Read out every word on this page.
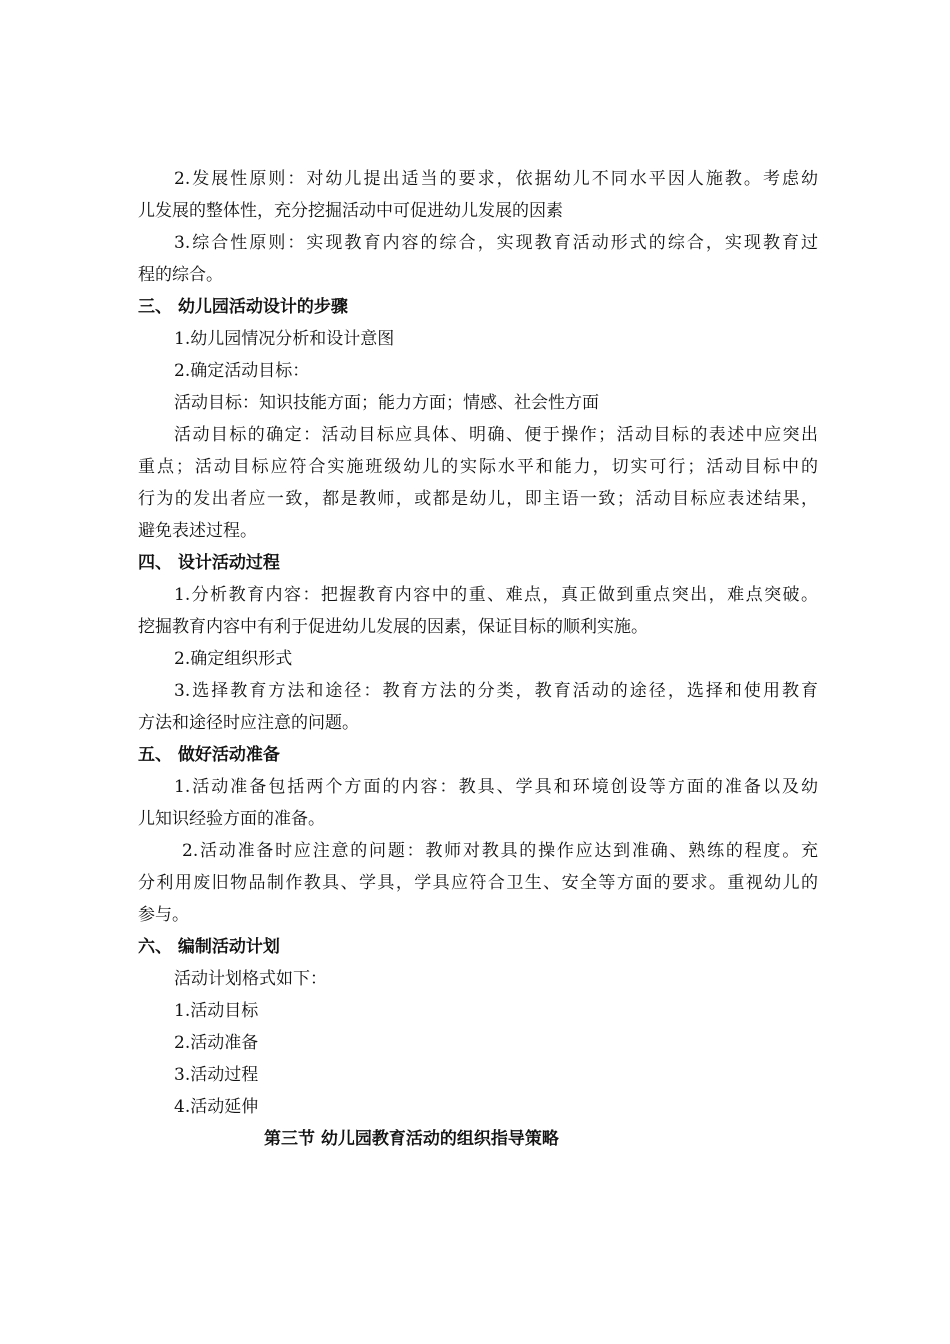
2.发展性原则：对幼儿提出适当的要求，依据幼儿不同水平因人施教。考虑幼
儿发展的整体性，充分挖掘活动中可促进幼儿发展的因素
3.综合性原则：实现教育内容的综合，实现教育活动形式的综合，实现教育过
程的综合。
三、 幼儿园活动设计的步骤
1.幼儿园情况分析和设计意图
2.确定活动目标：
活动目标：知识技能方面；能力方面；情感、社会性方面
活动目标的确定：活动目标应具体、明确、便于操作；活动目标的表述中应突出
重点；活动目标应符合实施班级幼儿的实际水平和能力，切实可行；活动目标中的
行为的发出者应一致，都是教师，或都是幼儿，即主语一致；活动目标应表述结果，
避免表述过程。
四、 设计活动过程
1.分析教育内容：把握教育内容中的重、难点，真正做到重点突出，难点突破。
挖掘教育内容中有利于促进幼儿发展的因素，保证目标的顺利实施。
2.确定组织形式
3.选择教育方法和途径：教育方法的分类，教育活动的途径，选择和使用教育
方法和途径时应注意的问题。
五、 做好活动准备
1.活动准备包括两个方面的内容：教具、学具和环境创设等方面的准备以及幼
儿知识经验方面的准备。
2.活动准备时应注意的问题：教师对教具的操作应达到准确、熟练的程度。充
分利用废旧物品制作教具、学具，学具应符合卫生、安全等方面的要求。重视幼儿的
参与。
六、 编制活动计划
活动计划格式如下：
1.活动目标
2.活动准备
3.活动过程
4.活动延伸
第三节 幼儿园教育活动的组织指导策略
